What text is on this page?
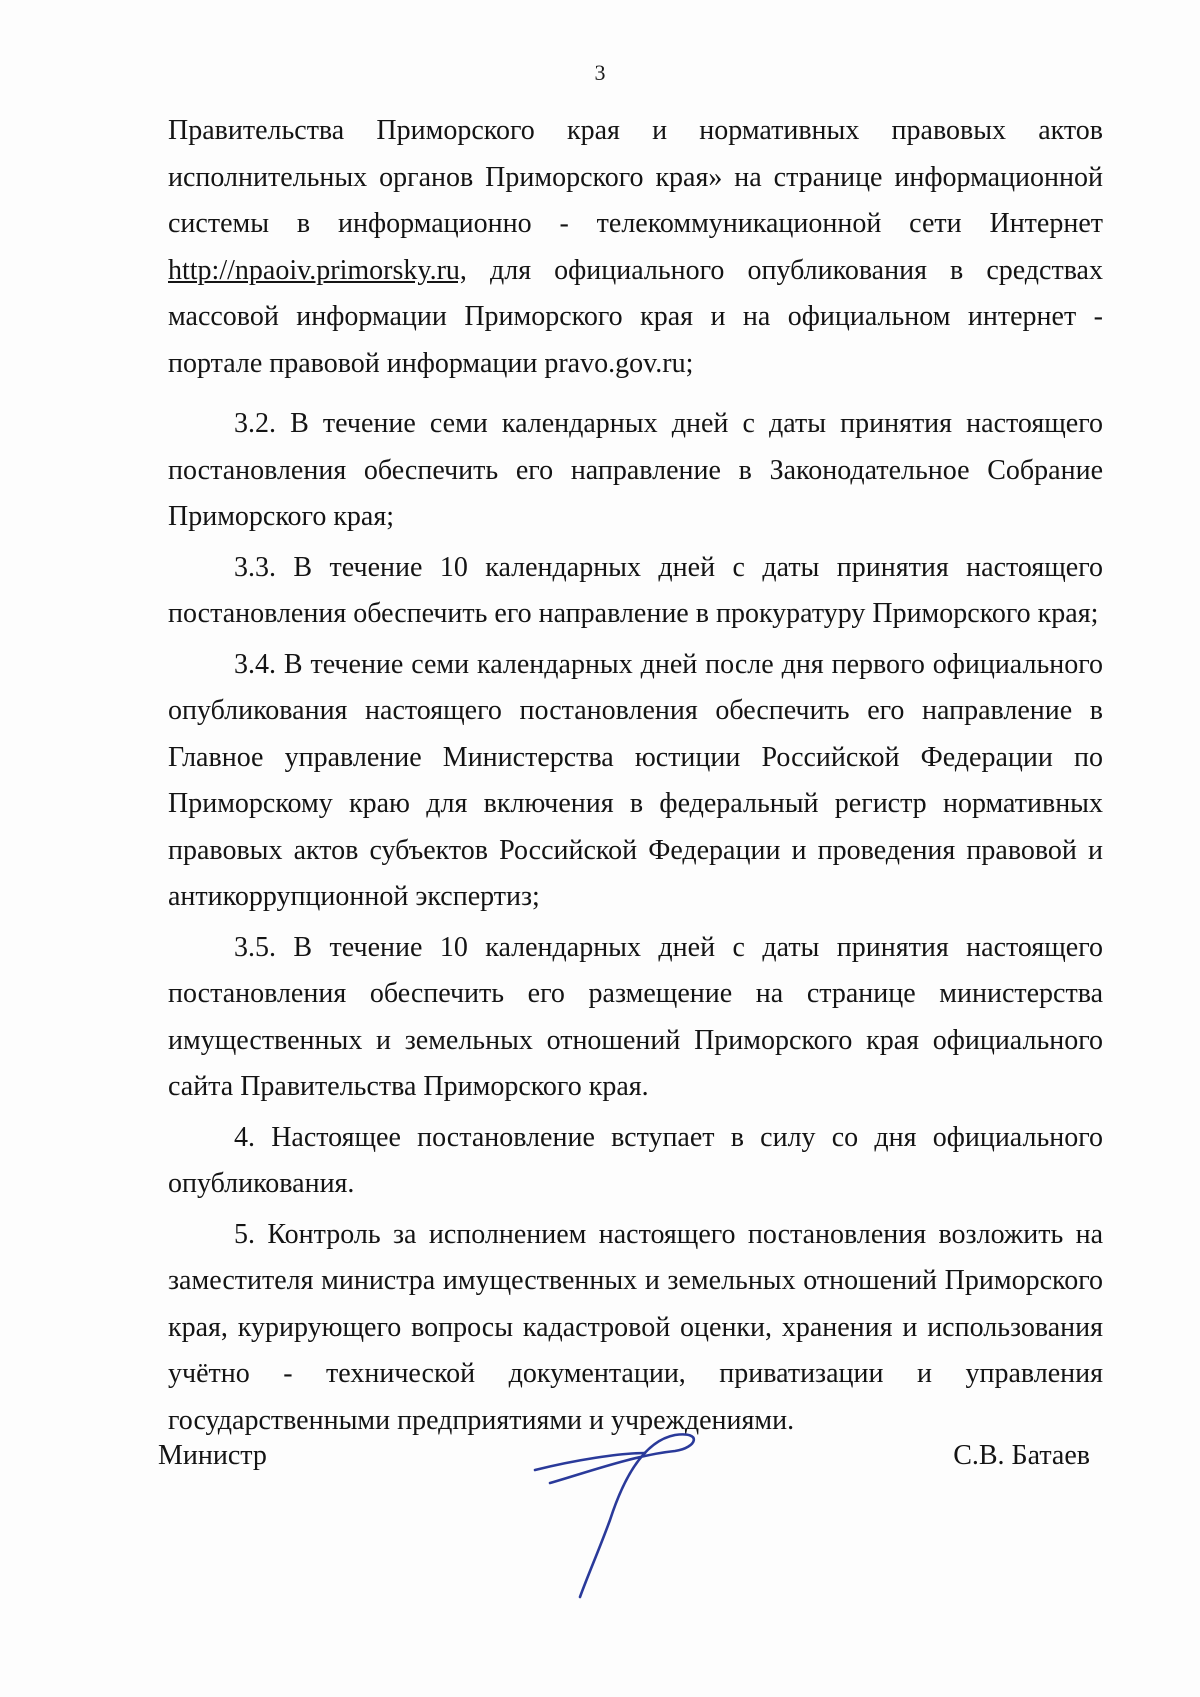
3

Правительства Приморского края и нормативных правовых актов исполнительных органов Приморского края» на странице информационной системы в информационно - телекоммуникационной сети Интернет http://npaoiv.primorsky.ru, для официального опубликования в средствах массовой информации Приморского края и на официальном интернет - портале правовой информации pravo.gov.ru;

3.2. В течение семи календарных дней с даты принятия настоящего постановления обеспечить его направление в Законодательное Собрание Приморского края;

3.3. В течение 10 календарных дней с даты принятия настоящего постановления обеспечить его направление в прокуратуру Приморского края;

3.4. В течение семи календарных дней после дня первого официального опубликования настоящего постановления обеспечить его направление в Главное управление Министерства юстиции Российской Федерации по Приморскому краю для включения в федеральный регистр нормативных правовых актов субъектов Российской Федерации и проведения правовой и антикоррупционной экспертиз;

3.5. В течение 10 календарных дней с даты принятия настоящего постановления обеспечить его размещение на странице министерства имущественных и земельных отношений Приморского края официального сайта Правительства Приморского края.

4. Настоящее постановление вступает в силу со дня официального опубликования.

5. Контроль за исполнением настоящего постановления возложить на заместителя министра имущественных и земельных отношений Приморского края, курирующего вопросы кадастровой оценки, хранения и использования учётно - технической документации, приватизации и управления государственными предприятиями и учреждениями.

Министр	С.В. Батаев
